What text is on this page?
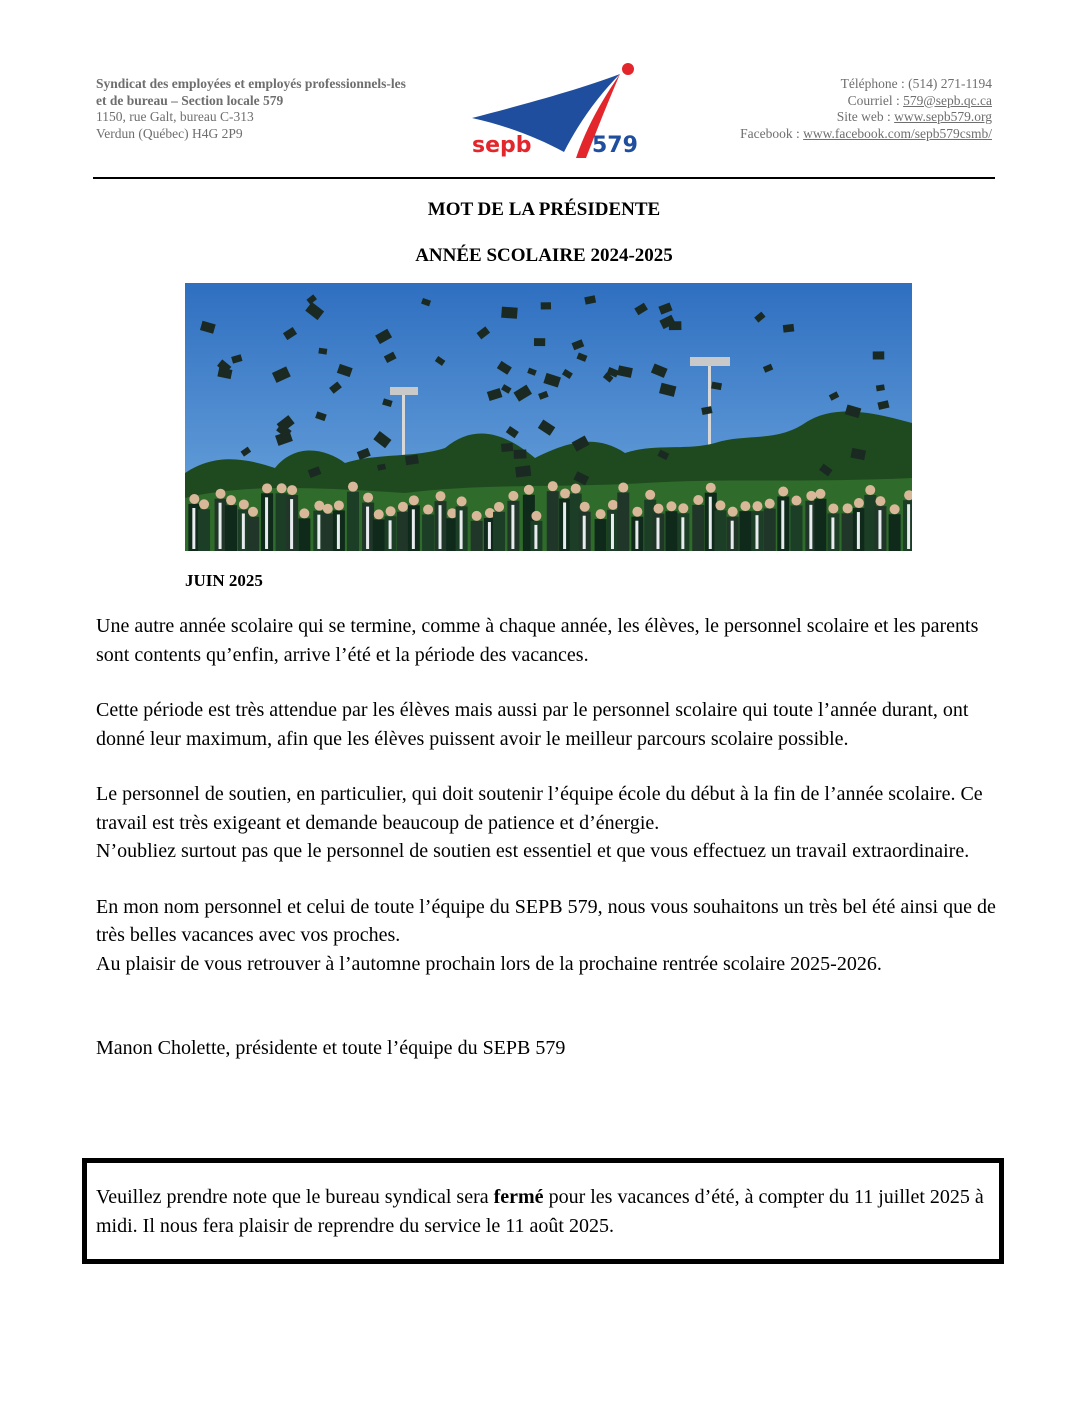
Syndicat des employées et employés professionnels-les
et de bureau – Section locale 579
1150, rue Galt, bureau C-313
Verdun (Québec) H4G 2P9	sepb	579
Téléphone : (514) 271-1194
Courriel : 579@sepb.qc.ca
Site web : www.sepb579.org
Facebook : www.facebook.com/sepb579csmb/
MOT DE LA PRÉSIDENTE
ANNÉE SCOLAIRE 2024-2025
JUIN 2025

Une autre année scolaire qui se termine, comme à chaque année, les élèves, le personnel scolaire et les parents sont contents qu’enfin, arrive l’été et la période des vacances.

Cette période est très attendue par les élèves mais aussi par le personnel scolaire qui toute l’année durant, ont donné leur maximum, afin que les élèves puissent avoir le meilleur parcours scolaire possible.

Le personnel de soutien, en particulier, qui doit soutenir l’équipe école du début à la fin de l’année scolaire. Ce travail est très exigeant et demande beaucoup de patience et d’énergie.
N’oubliez surtout pas que le personnel de soutien est essentiel et que vous effectuez un travail extraordinaire.

En mon nom personnel et celui de toute l’équipe du SEPB 579, nous vous souhaitons un très bel été ainsi que de très belles vacances avec vos proches.
Au plaisir de vous retrouver à l’automne prochain lors de la prochaine rentrée scolaire 2025-2026.

Manon Cholette, présidente et toute l’équipe du SEPB 579

Veuillez prendre note que le bureau syndical sera fermé pour les vacances d’été, à compter du 11 juillet 2025 à midi. Il nous fera plaisir de reprendre du service le 11 août 2025.
